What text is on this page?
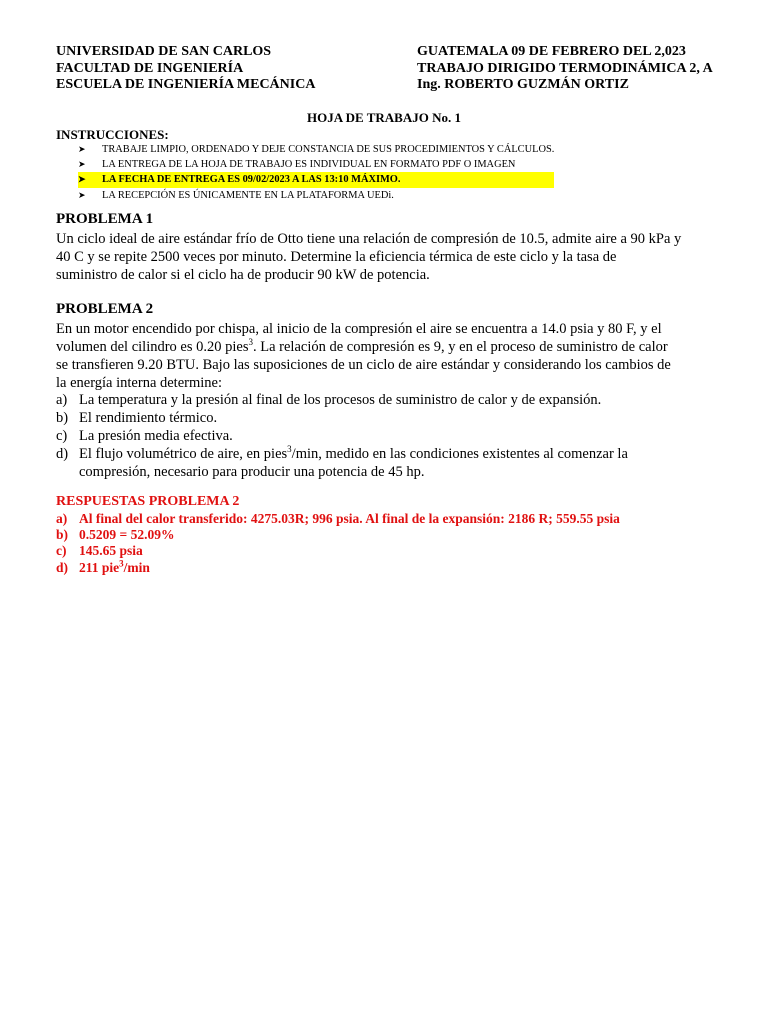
UNIVERSIDAD DE SAN CARLOS
FACULTAD DE INGENIERÍA
ESCUELA DE INGENIERÍA MECÁNICA
GUATEMALA 09 DE FEBRERO DEL 2,023
TRABAJO DIRIGIDO TERMODINÁMICA 2, A
Ing. ROBERTO GUZMÁN ORTIZ
HOJA DE TRABAJO No. 1
INSTRUCCIONES:
➤ TRABAJE LIMPIO, ORDENADO Y DEJE CONSTANCIA DE SUS PROCEDIMIENTOS Y CÁLCULOS.
➤ LA ENTREGA DE LA HOJA DE TRABAJO ES INDIVIDUAL EN FORMATO PDF O IMAGEN
➤ LA FECHA DE ENTREGA ES 09/02/2023 A LAS 13:10 MÁXIMO.
➤ LA RECEPCIÓN ES ÚNICAMENTE EN LA PLATAFORMA UEDi.
PROBLEMA 1
Un ciclo ideal de aire estándar frío de Otto tiene una relación de compresión de 10.5, admite aire a 90 kPa y
40 C y se repite 2500 veces por minuto. Determine la eficiencia térmica de este ciclo y la tasa de
suministro de calor si el ciclo ha de producir 90 kW de potencia.
PROBLEMA 2
En un motor encendido por chispa, al inicio de la compresión el aire se encuentra a 14.0 psia y 80 F, y el
volumen del cilindro es 0.20 pies$^3$. La relación de compresión es 9, y en el proceso de suministro de calor
se transfieren 9.20 BTU. Bajo las suposiciones de un ciclo de aire estándar y considerando los cambios de
la energía interna determine:
a) La temperatura y la presión al final de los procesos de suministro de calor y de expansión.
b) El rendimiento térmico.
c) La presión media efectiva.
d) El flujo volumétrico de aire, en pies$^3$/min, medido en las condiciones existentes al comenzar la
compresión, necesario para producir una potencia de 45 hp.
RESPUESTAS PROBLEMA 2
a) Al final del calor transferido: 4275.03R; 996 psia. Al final de la expansión: 2186 R; 559.55 psia
b) 0.5209 = 52.09%
c) 145.65 psia
d) 211 pie$^3$/min
